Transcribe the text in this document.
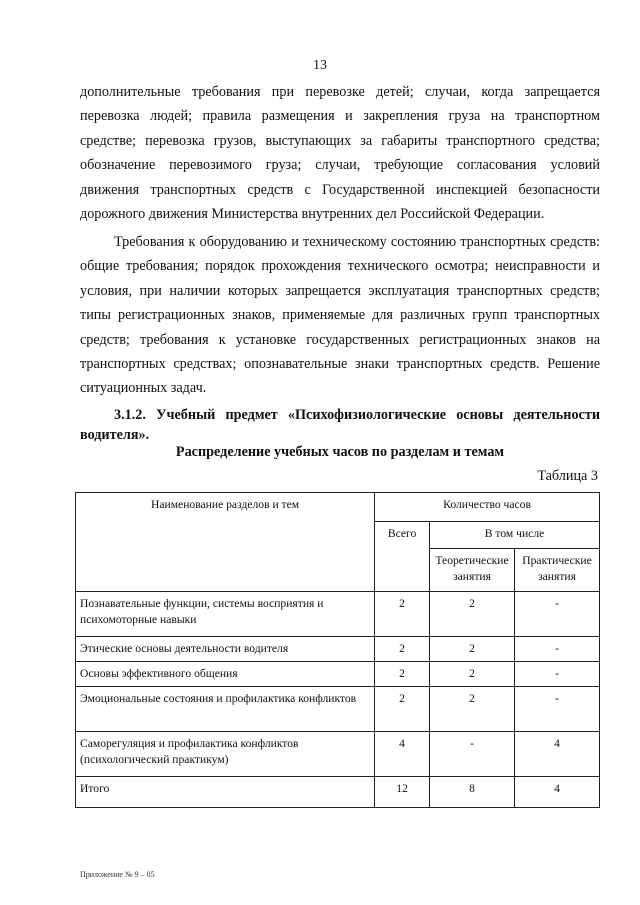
13

дополнительные требования при перевозке детей; случаи, когда запрещается перевозка людей; правила размещения и закрепления груза на транспортном средстве; перевозка грузов, выступающих за габариты транспортного средства; обозначение перевозимого груза; случаи, требующие согласования условий движения транспортных средств с Государственной инспекцией безопасности дорожного движения Министерства внутренних дел Российской Федерации.

Требования к оборудованию и техническому состоянию транспортных средств: общие требования; порядок прохождения технического осмотра; неисправности и условия, при наличии которых запрещается эксплуатация транспортных средств; типы регистрационных знаков, применяемые для различных групп транспортных средств; требования к установке государственных регистрационных знаков на транспортных средствах; опознавательные знаки транспортных средств. Решение ситуационных задач.

3.1.2. Учебный предмет «Психофизиологические основы деятельности водителя».

Распределение учебных часов по разделам и темам

Таблица 3
Наименование разделов и тем	Количество часов		
	Всего	В том числе	
		Теоретические занятия	Практические занятия
Познавательные функции, системы восприятия и психомоторные навыки	2	2	-
Этические основы деятельности водителя	2	2	-
Основы эффективного общения	2	2	-
Эмоциональные состояния и профилактика конфликтов	2	2	-
Саморегуляция и профилактика конфликтов (психологический практикум)	4	-	4
Итого	12	8	4
Приложение № 9 – 05
